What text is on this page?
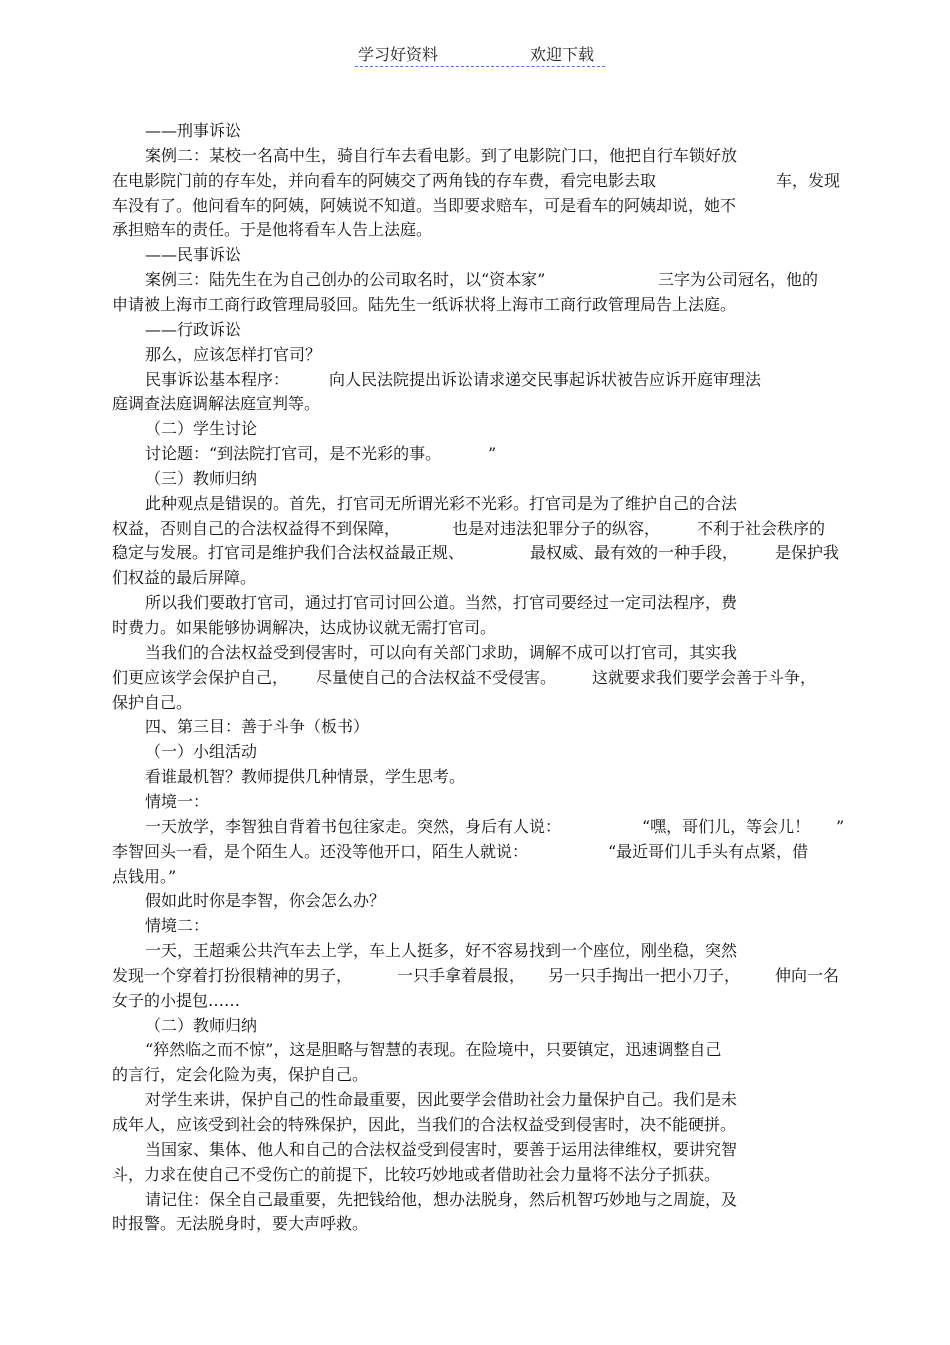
学习好资料	欢迎下载
——刑事诉讼
案例二：某校一名高中生，骑自行车去看电影。到了电影院门口，他把自行车锁好放
在电影院门前的存车处，并向看车的阿姨交了两角钱的存车费，看完电影去取	车，发现
车没有了。他问看车的阿姨，阿姨说不知道。当即要求赔车，可是看车的阿姨却说，她不
承担赔车的责任。于是他将看车人告上法庭。
——民事诉讼
案例三：陆先生在为自己创办的公司取名时，以“资本家”	三字为公司冠名，他的
申请被上海市工商行政管理局驳回。陆先生一纸诉状将上海市工商行政管理局告上法庭。
——行政诉讼
那么，应该怎样打官司？
民事诉讼基本程序： 向人民法院提出诉讼请求递交民事起诉状被告应诉开庭审理法
庭调查法庭调解法庭宣判等。
（二）学生讨论
讨论题：“到法院打官司，是不光彩的事。	”
（三）教师归纳
此种观点是错误的。首先，打官司无所谓光彩不光彩。打官司是为了维护自己的合法
权益，否则自己的合法权益得不到保障，	也是对违法犯罪分子的纵容， 不利于社会秩序的
稳定与发展。打官司是维护我们合法权益最正规、	最权威、最有效的一种手段， 是保护我
们权益的最后屏障。
所以我们要敢打官司，通过打官司讨回公道。当然，打官司要经过一定司法程序，费
时费力。如果能够协调解决，达成协议就无需打官司。
当我们的合法权益受到侵害时，可以向有关部门求助，调解不成可以打官司，其实我
们更应该学会保护自己， 尽量使自己的合法权益不受侵害。 这就要求我们要学会善于斗争，
保护自己。
四、第三目：善于斗争（板书）
（一）小组活动
看谁最机智？教师提供几种情景，学生思考。
情境一：
一天放学，李智独自背着书包往家走。突然，身后有人说：	“嘿，哥们儿，等会儿！ ”
李智回头一看，是个陌生人。还没等他开口，陌生人就说：	“最近哥们儿手头有点紧，借
点钱用。”
假如此时你是李智，你会怎么办？
情境二：
一天，王超乘公共汽车去上学，车上人挺多，好不容易找到一个座位，刚坐稳，突然
发现一个穿着打扮很精神的男子，	一只手拿着晨报， 另一只手掏出一把小刀子， 伸向一名
女子的小提包……
（二）教师归纳
“猝然临之而不惊”，这是胆略与智慧的表现。在险境中，只要镇定，迅速调整自己
的言行，定会化险为夷，保护自己。
对学生来讲，保护自己的性命最重要，因此要学会借助社会力量保护自己。我们是未
成年人，应该受到社会的特殊保护，因此，当我们的合法权益受到侵害时，决不能硬拼。
当国家、集体、他人和自己的合法权益受到侵害时，要善于运用法律维权，要讲究智
斗，力求在使自己不受伤亡的前提下，比较巧妙地或者借助社会力量将不法分子抓获。
请记住：保全自己最重要，先把钱给他，想办法脱身，然后机智巧妙地与之周旋，及
时报警。无法脱身时，要大声呼救。
